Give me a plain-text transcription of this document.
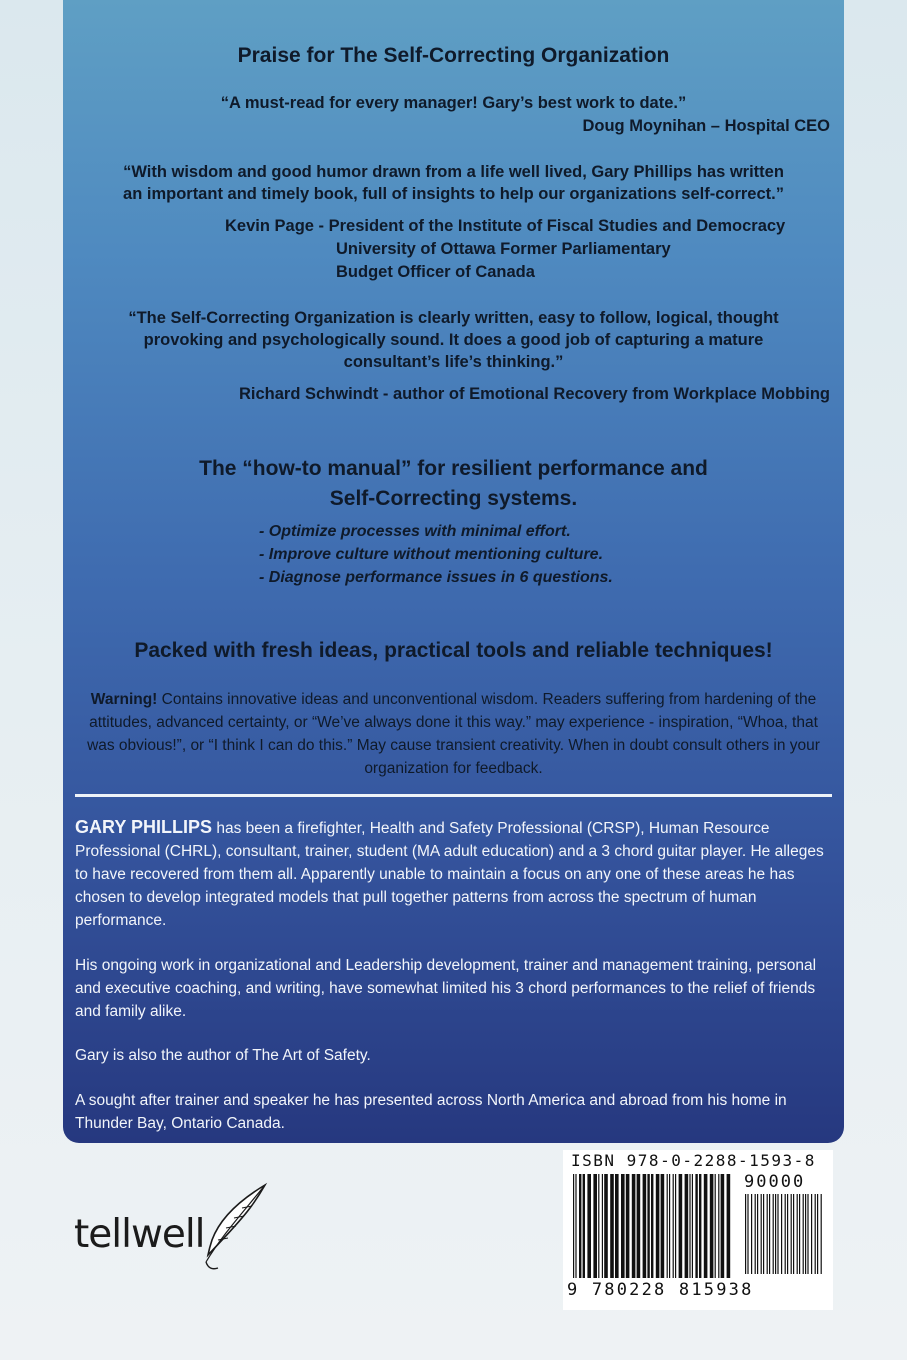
Praise for The Self-Correcting Organization
“A must-read for every manager! Gary’s best work to date.”
Doug Moynihan – Hospital CEO
“With wisdom and good humor drawn from a life well lived, Gary Phillips has written
an important and timely book, full of insights to help our organizations self-correct.”
Kevin Page - President of the Institute of Fiscal Studies and Democracy
University of Ottawa Former Parliamentary
Budget Officer of Canada
“The Self-Correcting Organization is clearly written, easy to follow, logical, thought
provoking and psychologically sound. It does a good job of capturing a mature
consultant’s life’s thinking.”
Richard Schwindt - author of Emotional Recovery from Workplace Mobbing
The “how-to manual” for resilient performance and
Self-Correcting systems.
- Optimize processes with minimal effort.
- Improve culture without mentioning culture.
- Diagnose performance issues in 6 questions.
Packed with fresh ideas, practical tools and reliable techniques!
Warning! Contains innovative ideas and unconventional wisdom. Readers suffering from hardening of the attitudes, advanced certainty, or “We’ve always done it this way.” may experience - inspiration, “Whoa, that was obvious!”, or “I think I can do this.” May cause transient creativity. When in doubt consult others in your organization for feedback.
GARY PHILLIPS has been a firefighter, Health and Safety Professional (CRSP), Human Resource Professional (CHRL), consultant, trainer, student (MA adult education) and a 3 chord guitar player. He alleges to have recovered from them all. Apparently unable to maintain a focus on any one of these areas he has chosen to develop integrated models that pull together patterns from across the spectrum of human performance.
His ongoing work in organizational and Leadership development, trainer and management training, personal and executive coaching, and writing, have somewhat limited his 3 chord performances to the relief of friends and family alike.
Gary is also the author of The Art of Safety.
A sought after trainer and speaker he has presented across North America and abroad from his home in Thunder Bay, Ontario Canada.
tellwell
ISBN 978-0-2288-1593-8
90000
9 780228 815938
